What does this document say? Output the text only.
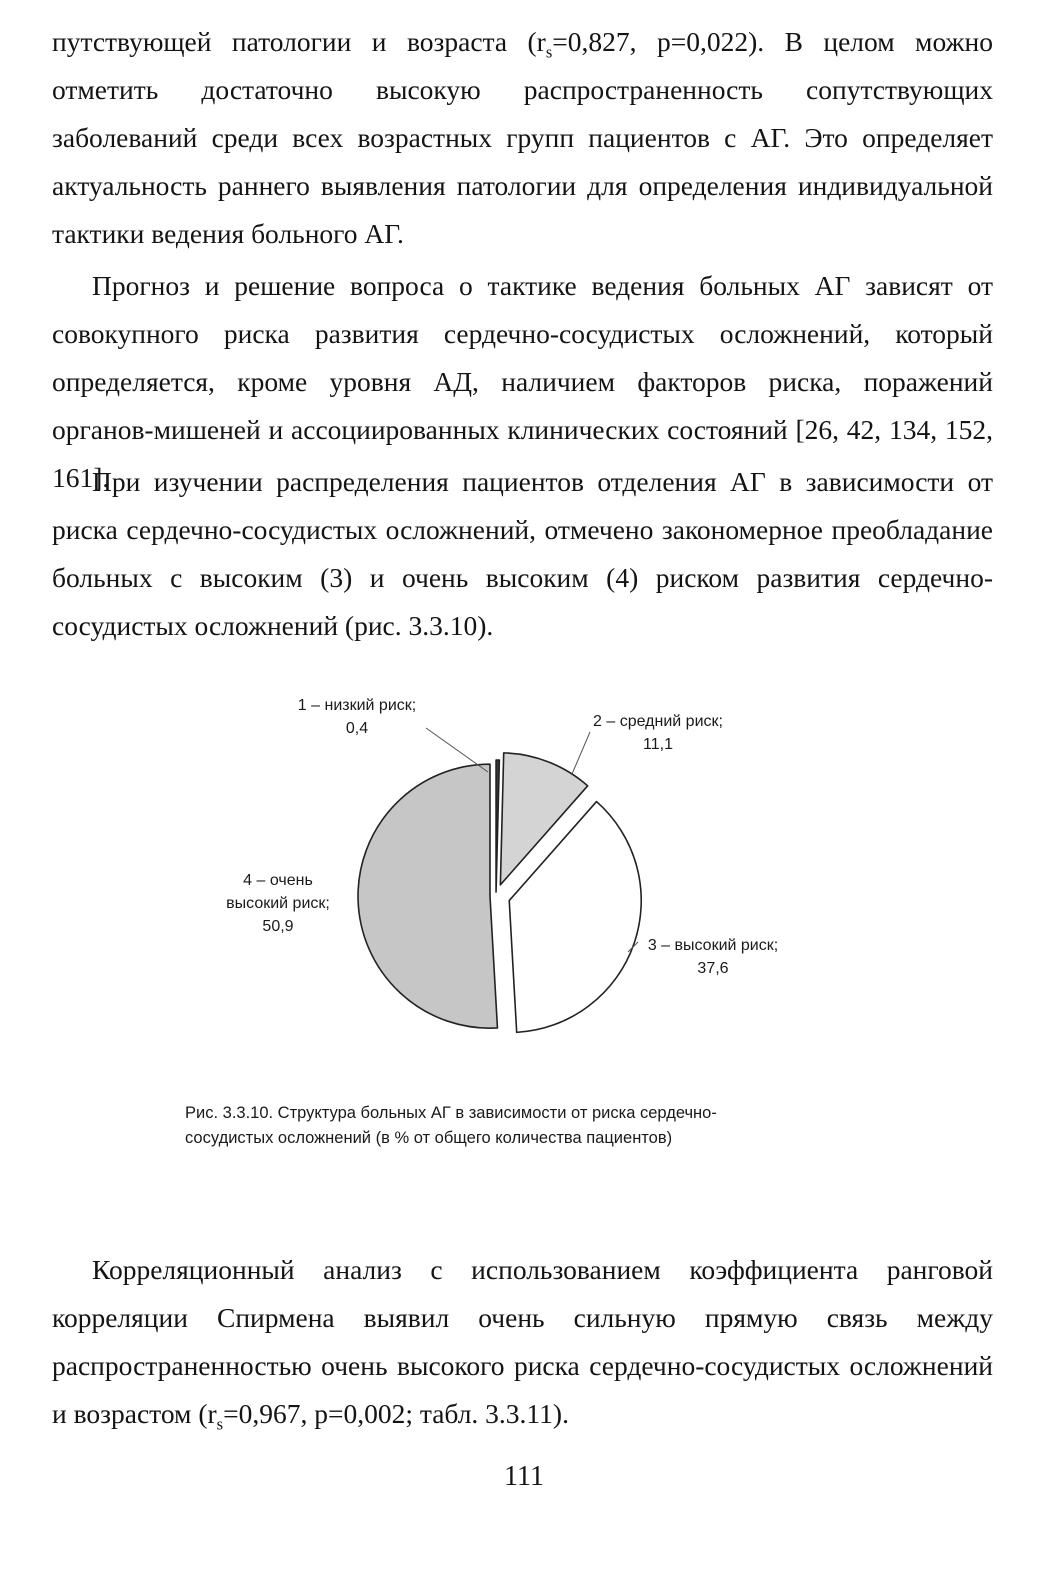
путствующей патологии и возраста ($r_s=0,827$, p=0,022). В целом можно отметить достаточно высокую распространенность сопутствующих заболеваний среди всех возрастных групп пациентов с АГ. Это определяет актуальность раннего выявления патологии для определения индивидуальной тактики ведения больного АГ.

Прогноз и решение вопроса о тактике ведения больных АГ зависят от совокупного риска развития сердечно-сосудистых осложнений, который определяется, кроме уровня АД, наличием факторов риска, поражений органов-мишеней и ассоциированных клинических состояний [26, 42, 134, 152, 161].

При изучении распределения пациентов отделения АГ в зависимости от риска сердечно-сосудистых осложнений, отмечено закономерное преобладание больных с высоким (3) и очень высоким (4) риском развития сердечно-сосудистых осложнений (рис. 3.3.10).

1 – низкий риск;
0,4	2 – средний риск;
11,1
3 – высокий риск;
37,6
4 – очень
высокий риск;
50,9
Рис. 3.3.10. Структура больных АГ в зависимости от риска сердечно-
сосудистых осложнений (в % от общего количества пациентов)

Корреляционный анализ с использованием коэффициента ранговой корреляции Спирмена выявил очень сильную прямую связь между распространенностью очень высокого риска сердечно-сосудистых осложнений и возрастом ($r_s=0,967$, p=0,002; табл. 3.3.11).

111
